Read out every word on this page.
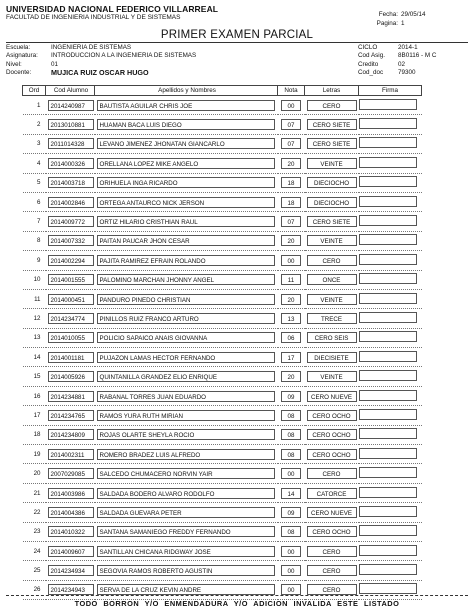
UNIVERSIDAD NACIONAL FEDERICO VILLARREAL
FACULTAD DE INGENIERIA INDUSTRIAL Y DE SISTEMAS	Fecha: 29/05/14
Pagina: 1
PRIMER EXAMEN PARCIAL
Escuela:	INGENIERIA DE SISTEMAS
Asignatura:	INTRODUCCION A LA INGENIERIA DE SISTEMAS
Nivel:	01
Docente:	MUJICA RUIZ OSCAR HUGO
CICLO	2014-1
Cod Asig.	8B0116 - M C
Credito	02
Cod_doc	79300
Ord	Cod Alumno	Apellidos y Nombres	Nota	Letras	Firma
1	2014240987	BAUTISTA AGUILAR CHRIS JOE	00	CERO	
2	2013010881	HUAMAN BACA LUIS DIEGO	07	CERO SIETE	
3	2011014328	LEVANO JIMENEZ JHONATAN GIANCARLO	07	CERO SIETE	
4	2014000326	ORELLANA LOPEZ MIKE ANGELO	20	VEINTE	
5	2014003718	ORIHUELA INGA RICARDO	18	DIECIOCHO	
6	2014002846	ORTEGA ANTAURCO NICK JERSON	18	DIECIOCHO	
7	2014009772	ORTIZ HILARIO CRISTHIAN RAUL	07	CERO SIETE	
8	2014007332	PAITAN PAUCAR JHON CESAR	20	VEINTE	
9	2014002294	PAJITA RAMIREZ EFRAIN ROLANDO	00	CERO	
10	2014001555	PALOMINO MARCHAN JHONNY ANGEL	11	ONCE	
11	2014000451	PANDURO PINEDO CHRISTIAN	20	VEINTE	
12	2014234774	PINILLOS RUIZ FRANCO ARTURO	13	TRECE	
13	2014010055	POLICIO SAPAICO ANAIS GIOVANNA	06	CERO SEIS	
14	2014001181	PUJAZON LAMAS HECTOR FERNANDO	17	DIECISIETE	
15	2014005926	QUINTANILLA GRANDEZ ELIO ENRIQUE	20	VEINTE	
16	2014234881	RABANAL TORRES JUAN EDUARDO	09	CERO NUEVE	
17	2014234765	RAMOS YURA RUTH MIRIAN	08	CERO OCHO	
18	2014234809	ROJAS OLARTE SHEYLA ROCIO	08	CERO OCHO	
19	2014002311	ROMERO BRADEZ LUIS ALFREDO	08	CERO OCHO	
20	2007029085	SALCEDO CHUMACERO NORVIN YAIR	00	CERO	
21	2014003986	SALDADA BODERO ALVARO RODOLFO	14	CATORCE	
22	2014004386	SALDADA GUEVARA PETER	09	CERO NUEVE	
23	2014010322	SANTANA SAMANIEGO FREDDY FERNANDO	08	CERO OCHO	
24	2014009607	SANTILLAN CHICANA RIDGWAY JOSE	00	CERO	
25	2014234934	SEGOVIA RAMOS ROBERTO AGUSTIN	00	CERO	
26	2014234943	SERVA DE LA CRUZ KEVIN ANDRE	00	CERO	
TODO BORRON Y/O ENMENDADURA Y/O ADICION INVALIDA ESTE LISTADO
